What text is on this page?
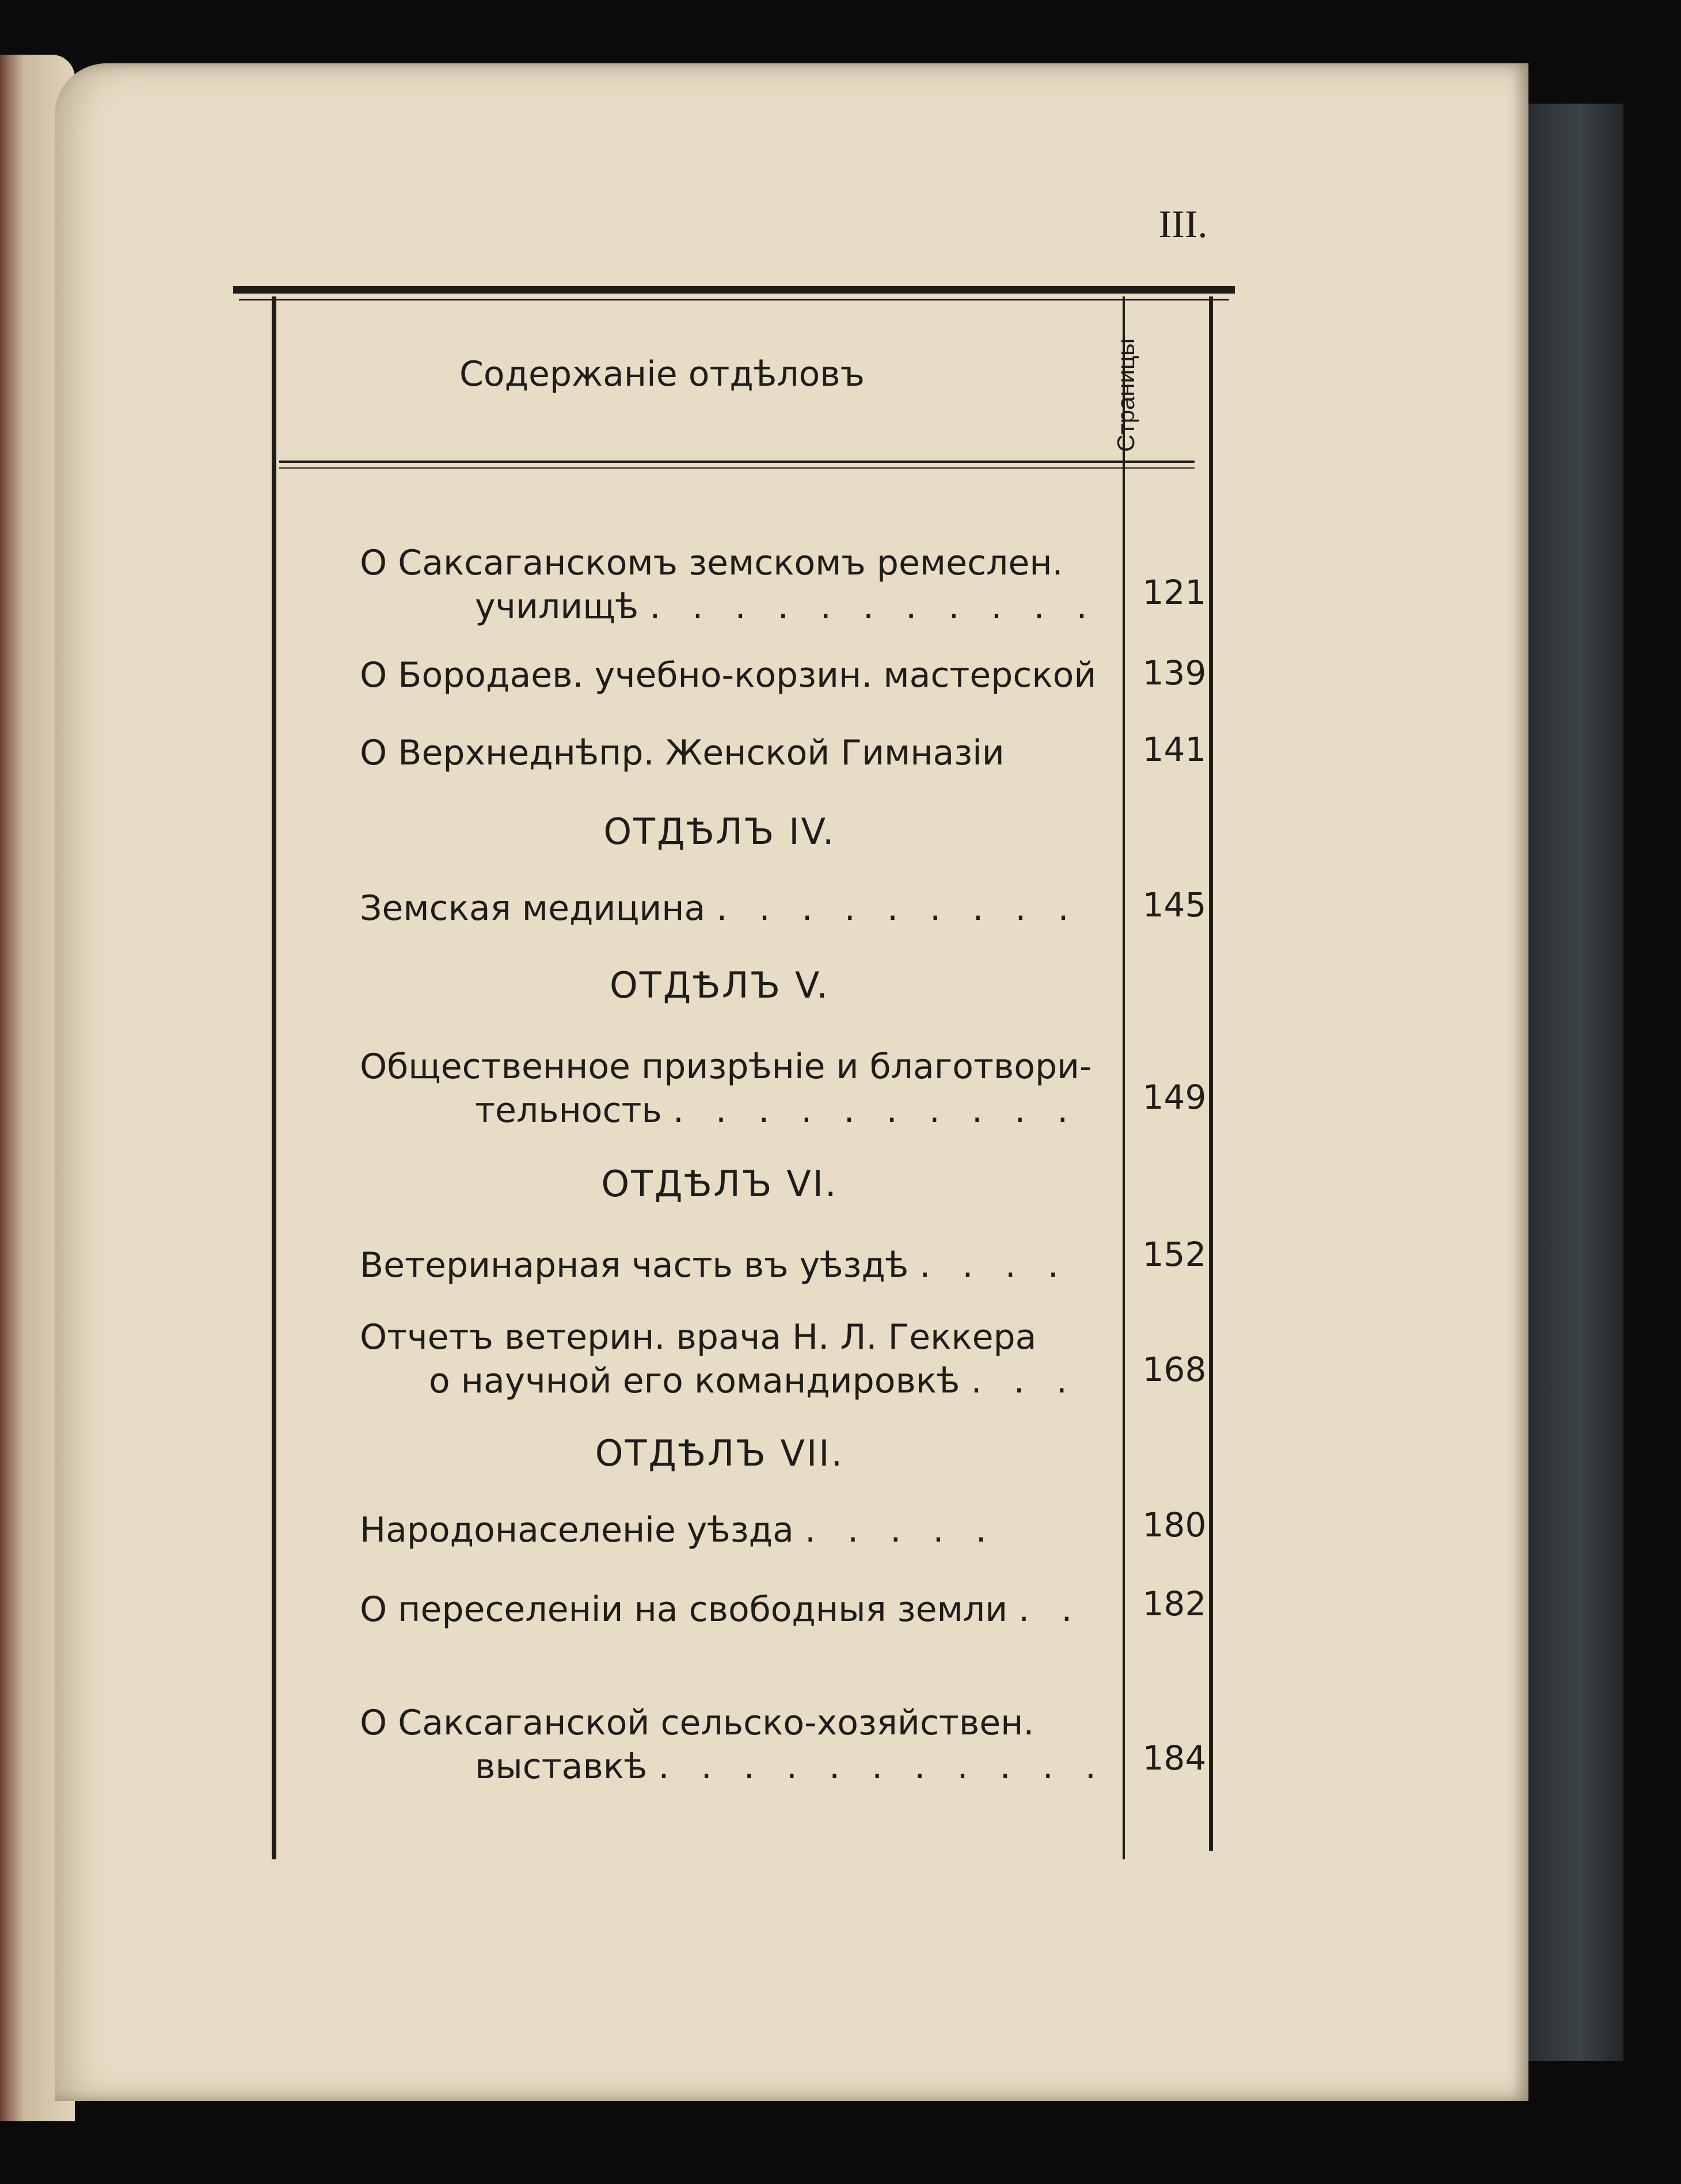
III.
Содержанiе отдѣловъ	Страницы
О Саксаганскомъ земскомъ ремеслен.
училищѣ . . . . . . . . . . .	121
О Бородаев. учебно-корзин. мастерской	139
О Верхнеднѣпр. Женской Гимназiи	141
ОТДѢЛЪ IV.
Земская медицина . . . . . . . . .	145
ОТДѢЛЪ V.
Общественное призрѣнiе и благотвори-
тельность . . . . . . . . . .	149
ОТДѢЛЪ VI.
Ветеринарная часть въ уѣздѣ . . . .	152
Отчетъ ветерин. врача Н. Л. Геккера
о научной его командировкѣ . . .	168
ОТДѢЛЪ VII.
Народонаселенiе уѣзда . . . . .	180
О переселенiи на свободныя земли . .	182
О Саксаганской сельско-хозяйствен.
выставкѣ . . . . . . . . . . .	184
